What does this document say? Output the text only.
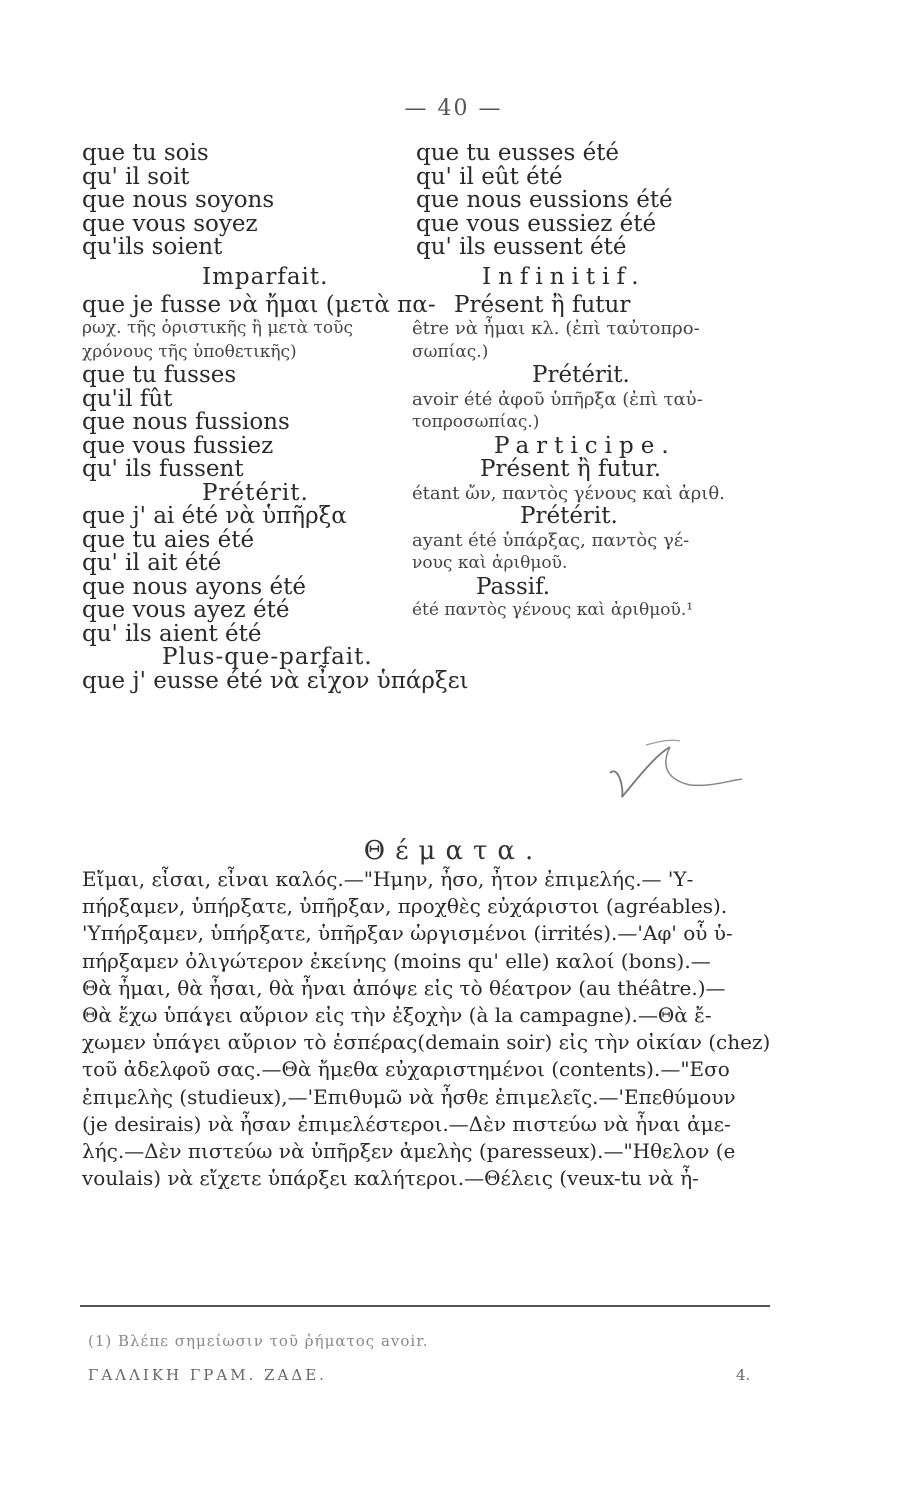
— 40 —
que tu sois
qu' il soit
que nous soyons
que vous soyez
qu'ils soient
Imparfait.
que je fusse νὰ ἤμαι (μετὰ πα-
ρωχ. τῆς ὁριστικῆς ἢ μετὰ τοῦς
χρόνους τῆς ὑποθετικῆς)
que tu fusses
qu'il fût
que nous fussions
que vous fussiez
qu' ils fussent
Prétérit.
que j' ai été νὰ ὑπῆρξα
que tu aies été
qu' il ait été
que nous ayons été
que vous ayez été
qu' ils aient été
Plus-que-parfait.
que j' eusse été νὰ εἶχον ὑπάρξει
que tu eusses été
qu' il eût été
que nous eussions été
que vous eussiez été
qu' ils eussent été
Infinitif.
Présent ἢ futur
être νὰ ἦμαι κλ. (ἐπὶ ταὐτοπρο-
σωπίας.)
Prétérit.
avoir été ἀφοῦ ὑπῆρξα (ἐπὶ ταὐ-
τοπροσωπίας.)
Participe.
Présent ἢ futur.
étant ὤν, παντὸς γένους καὶ ἀριθ.
Prétérit.
ayant été ὑπάρξας, παντὸς γέ-
νους καὶ ἀριθμοῦ.
Passif.
été παντὸς γένους καὶ ἀριθμοῦ.¹
Θέματα.
Εἴμαι, εἶσαι, εἶναι καλός.—"Ημην, ἦσο, ἦτον ἐπιμελής.— 'Υ-
πήρξαμεν, ὑπήρξατε, ὑπῆρξαν, προχθὲς εὐχάριστοι (agréables).
'Υπήρξαμεν, ὑπήρξατε, ὑπῆρξαν ὠργισμένοι (irrités).—'Αφ' οὗ ὑ-
πήρξαμεν ὀλιγώτερον ἐκείνης (moins qu' elle) καλοί (bons).—
Θὰ ἦμαι, θὰ ἦσαι, θὰ ἦναι ἀπόψε εἰς τὸ θέατρον (au théâtre.)—
Θὰ ἔχω ὑπάγει αὔριον εἰς τὴν ἐξοχὴν (à la campagne).—Θὰ ἔ-
χωμεν ὑπάγει αὔριον τὸ ἑσπέρας(demain soir) εἰς τὴν οἰκίαν (chez)
τοῦ ἀδελφοῦ σας.—Θὰ ἤμεθα εὐχαριστημένοι (contents).—"Εσο
ἐπιμελὴς (studieux),—'Επιθυμῶ νὰ ἦσθε ἐπιμελεῖς.—'Επεθύμουν
(je desirais) νὰ ἦσαν ἐπιμελέστεροι.—Δὲν πιστεύω νὰ ἦναι ἀμε-
λής.—Δὲν πιστεύω νὰ ὑπῆρξεν ἀμελὴς (paresseux).—"Ηθελον (e
voulais) νὰ εἴχετε ὑπάρξει καλήτεροι.—Θέλεις (veux-tu νὰ ἦ-
(1) Βλέπε σημείωσιν τοῦ ῥήματος avoir.
ΓΑΛΛΙΚΗ ΓΡΑΜ. ΖΑΔΕ.	4.
